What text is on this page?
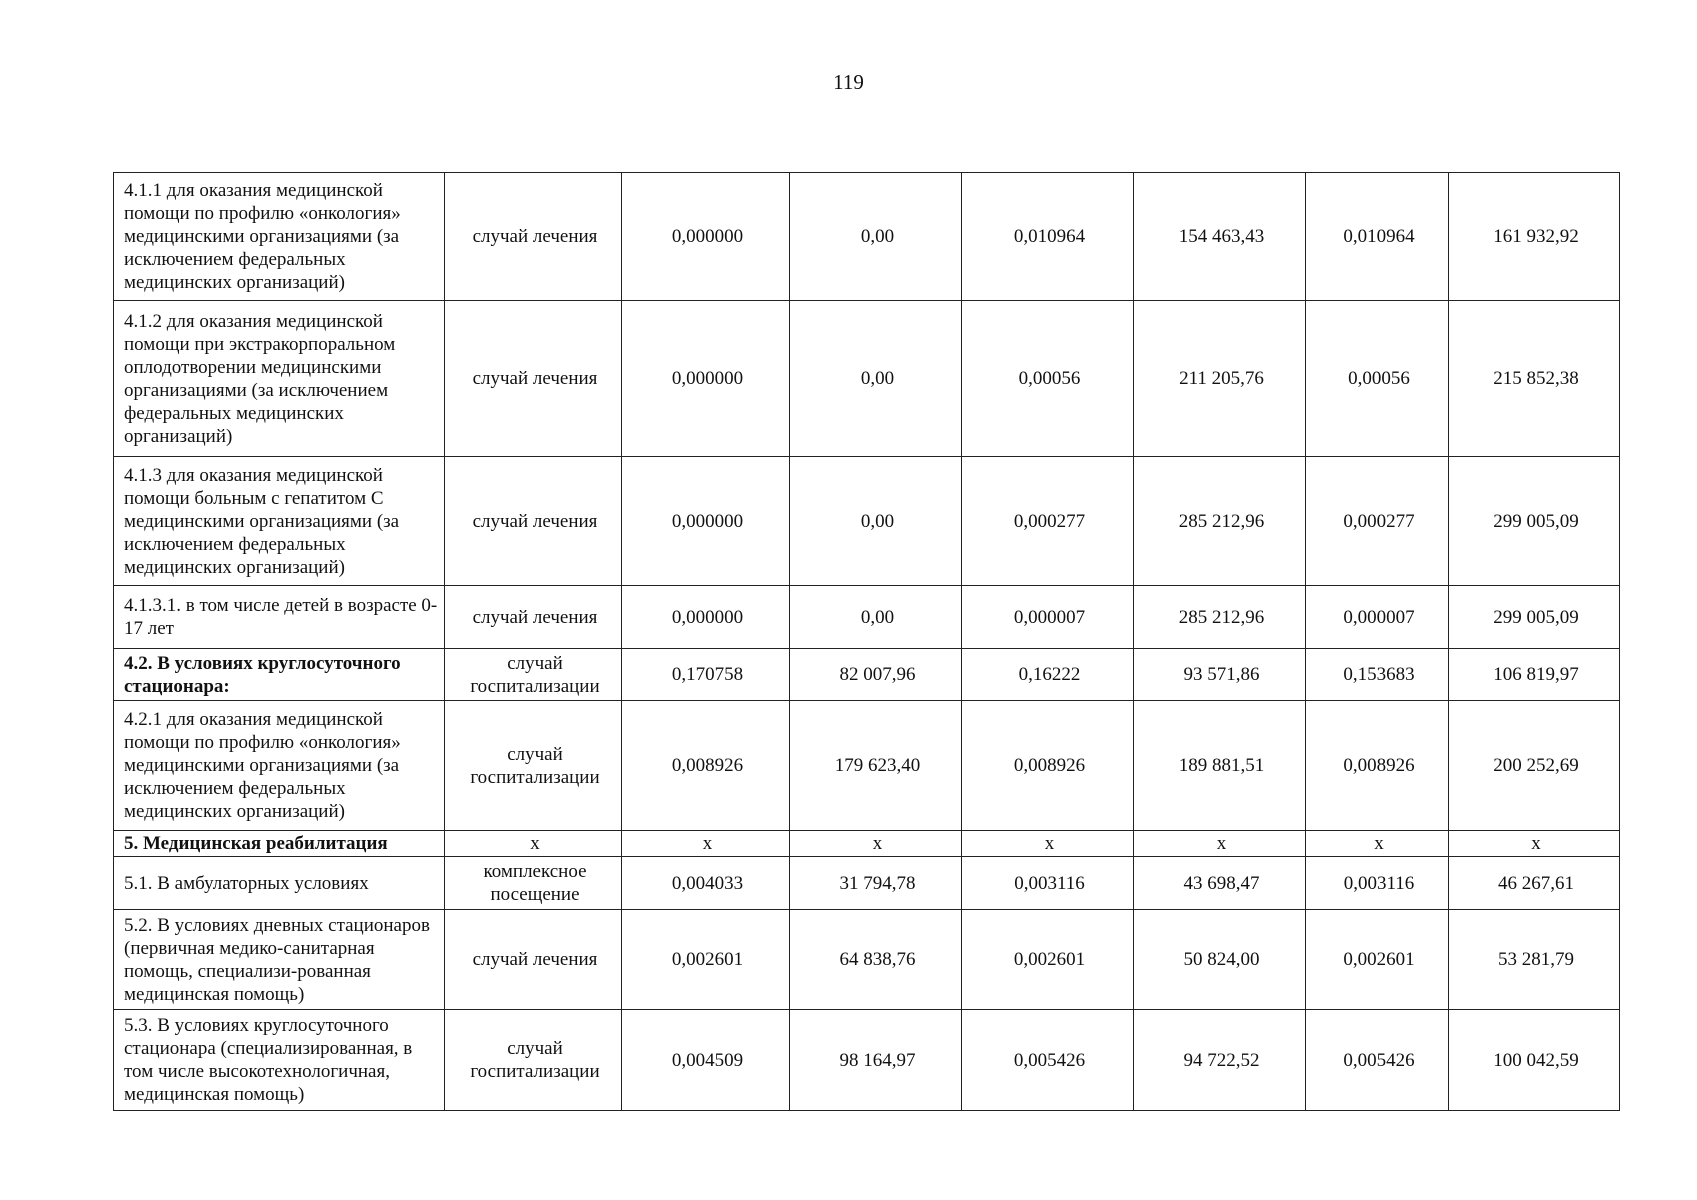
119
4.1.1 для оказания медицинской помощи по профилю «онкология» медицинскими организациями (за исключением федеральных медицинских организаций)	случай лечения	0,000000	0,00	0,010964	154 463,43	0,010964	161 932,92
4.1.2 для оказания медицинской помощи при экстракорпоральном оплодотворении медицинскими организациями (за исключением федеральных медицинских организаций)	случай лечения	0,000000	0,00	0,00056	211 205,76	0,00056	215 852,38
4.1.3 для оказания медицинской помощи больным с гепатитом С медицинскими организациями (за исключением федеральных медицинских организаций)	случай лечения	0,000000	0,00	0,000277	285 212,96	0,000277	299 005,09
4.1.3.1. в том числе детей в возрасте 0-17 лет	случай лечения	0,000000	0,00	0,000007	285 212,96	0,000007	299 005,09
4.2. В условиях круглосуточного стационара:	случай госпитализации	0,170758	82 007,96	0,16222	93 571,86	0,153683	106 819,97
4.2.1 для оказания медицинской помощи по профилю «онкология» медицинскими организациями (за исключением федеральных медицинских организаций)	случай госпитализации	0,008926	179 623,40	0,008926	189 881,51	0,008926	200 252,69
5. Медицинская реабилитация	х	х	х	х	х	х	х
5.1. В амбулаторных условиях	комплексное посещение	0,004033	31 794,78	0,003116	43 698,47	0,003116	46 267,61
5.2. В условиях дневных стационаров (первичная медико-санитарная помощь, специализи-рованная медицинская помощь)	случай лечения	0,002601	64 838,76	0,002601	50 824,00	0,002601	53 281,79
5.3. В условиях круглосуточного стационара (специализированная, в том числе высокотехнологичная, медицинская помощь)	случай госпитализации	0,004509	98 164,97	0,005426	94 722,52	0,005426	100 042,59
